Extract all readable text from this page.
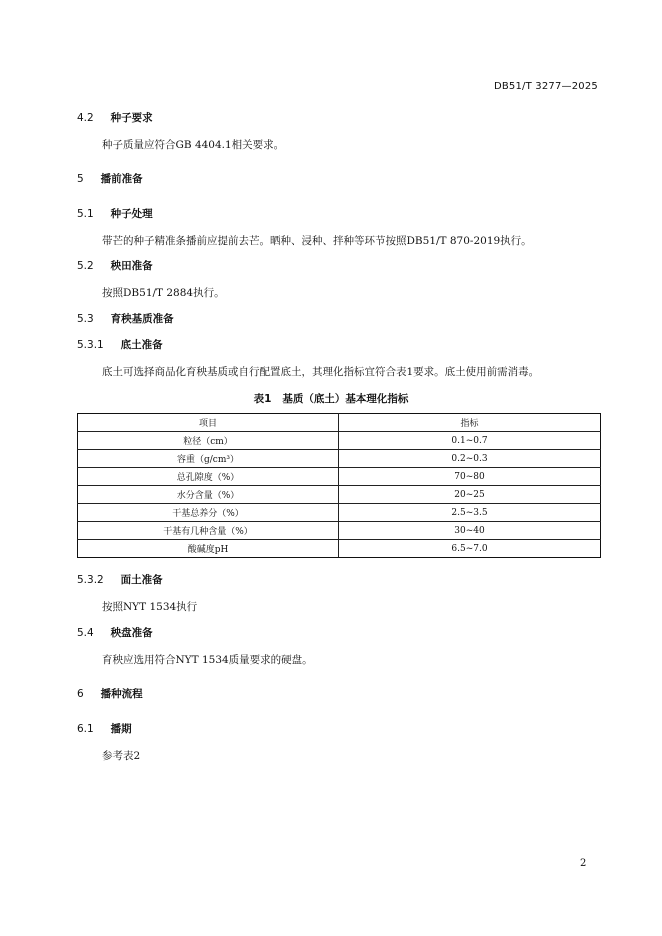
DB51/T 3277—2025
4.2 种子要求
种子质量应符合GB 4404.1相关要求。
5 播前准备
5.1 种子处理
带芒的种子精准条播前应提前去芒。晒种、浸种、拌种等环节按照DB51/T 870-2019执行。
5.2 秧田准备
按照DB51/T 2884执行。
5.3 育秧基质准备
5.3.1 底土准备
底土可选择商品化育秧基质或自行配置底土，其理化指标宜符合表1要求。底土使用前需消毒。
表1 基质（底土）基本理化指标
项目	指标
粒径（cm）	0.1~0.7
容重（g/cm³）	0.2~0.3
总孔隙度（%）	70~80
水分含量（%）	20~25
干基总养分（%）	2.5~3.5
干基有几种含量（%）	30~40
酸碱度pH	6.5~7.0
5.3.2 面土准备
按照NYT 1534执行
5.4 秧盘准备
育秧应选用符合NYT 1534质量要求的硬盘。
6 播种流程
6.1 播期
参考表2
2
